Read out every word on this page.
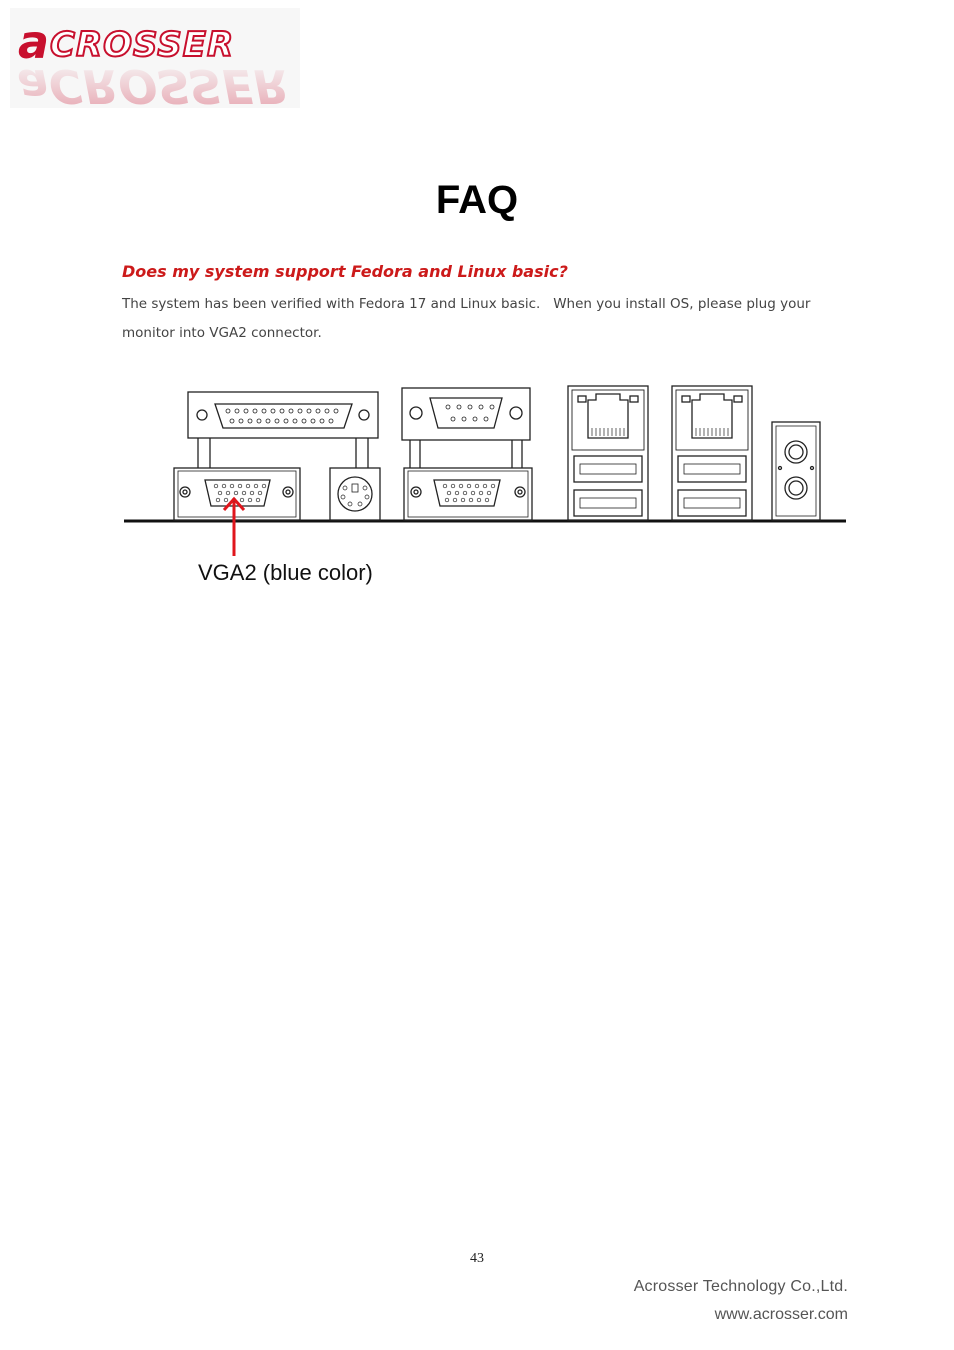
a CROSSER
aCROSSER
FAQ
Does my system support Fedora and Linux basic?
The system has been verified with Fedora 17 and Linux basic.   When you install OS, please plug your monitor into VGA2 connector.
VGA2 (blue color)
43
Acrosser Technology Co.,Ltd.
www.acrosser.com
